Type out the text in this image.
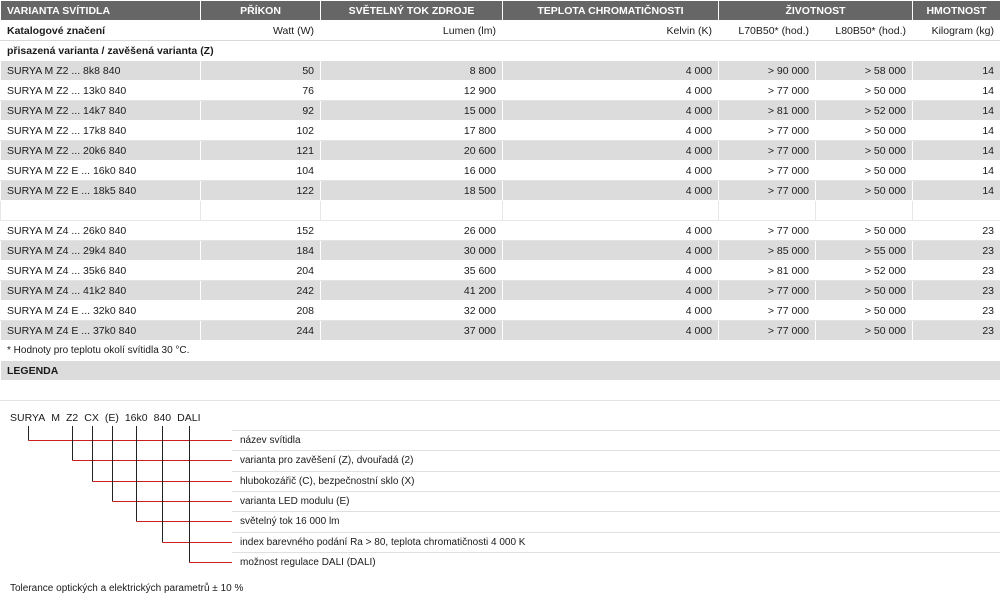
VARIANTA SVÍTIDLA	PŘÍKON	SVĚTELNÝ TOK ZDROJE	TEPLOTA CHROMATIČNOSTI	ŽIVOTNOST		HMOTNOST
Katalogové značení	Watt (W)	Lumen (lm)	Kelvin (K)	L70B50* (hod.)	L80B50* (hod.)	Kilogram (kg)
přisazená varianta / zavěšená varianta (Z)						
SURYA M Z2 ... 8k8 840	50	8 800	4 000	> 90 000	> 58 000	14
SURYA M Z2 ... 13k0 840	76	12 900	4 000	> 77 000	> 50 000	14
SURYA M Z2 ... 14k7 840	92	15 000	4 000	> 81 000	> 52 000	14
SURYA M Z2 ... 17k8 840	102	17 800	4 000	> 77 000	> 50 000	14
SURYA M Z2 ... 20k6 840	121	20 600	4 000	> 77 000	> 50 000	14
SURYA M Z2 E ... 16k0 840	104	16 000	4 000	> 77 000	> 50 000	14
SURYA M Z2 E ... 18k5 840	122	18 500	4 000	> 77 000	> 50 000	14

SURYA M Z4 ... 26k0 840	152	26 000	4 000	> 77 000	> 50 000	23
SURYA M Z4 ... 29k4 840	184	30 000	4 000	> 85 000	> 55 000	23
SURYA M Z4 ... 35k6 840	204	35 600	4 000	> 81 000	> 52 000	23
SURYA M Z4 ... 41k2 840	242	41 200	4 000	> 77 000	> 50 000	23
SURYA M Z4 E ... 32k0 840	208	32 000	4 000	> 77 000	> 50 000	23
SURYA M Z4 E ... 37k0 840	244	37 000	4 000	> 77 000	> 50 000	23
* Hodnoty pro teplotu okolí svítidla 30 °C.						
LEGENDA						

SURYA M Z2 CX (E) 16k0 840 DALI
název svítidla
varianta pro zavěšení (Z), dvouřadá (2)
hlubokozářič (C), bezpečnostní sklo (X)
varianta LED modulu (E)
světelný tok 16 000 lm
index barevného podání Ra > 80, teplota chromatičnosti 4 000 K
možnost regulace DALI (DALI)
Tolerance optických a elektrických parametrů ± 10 %
